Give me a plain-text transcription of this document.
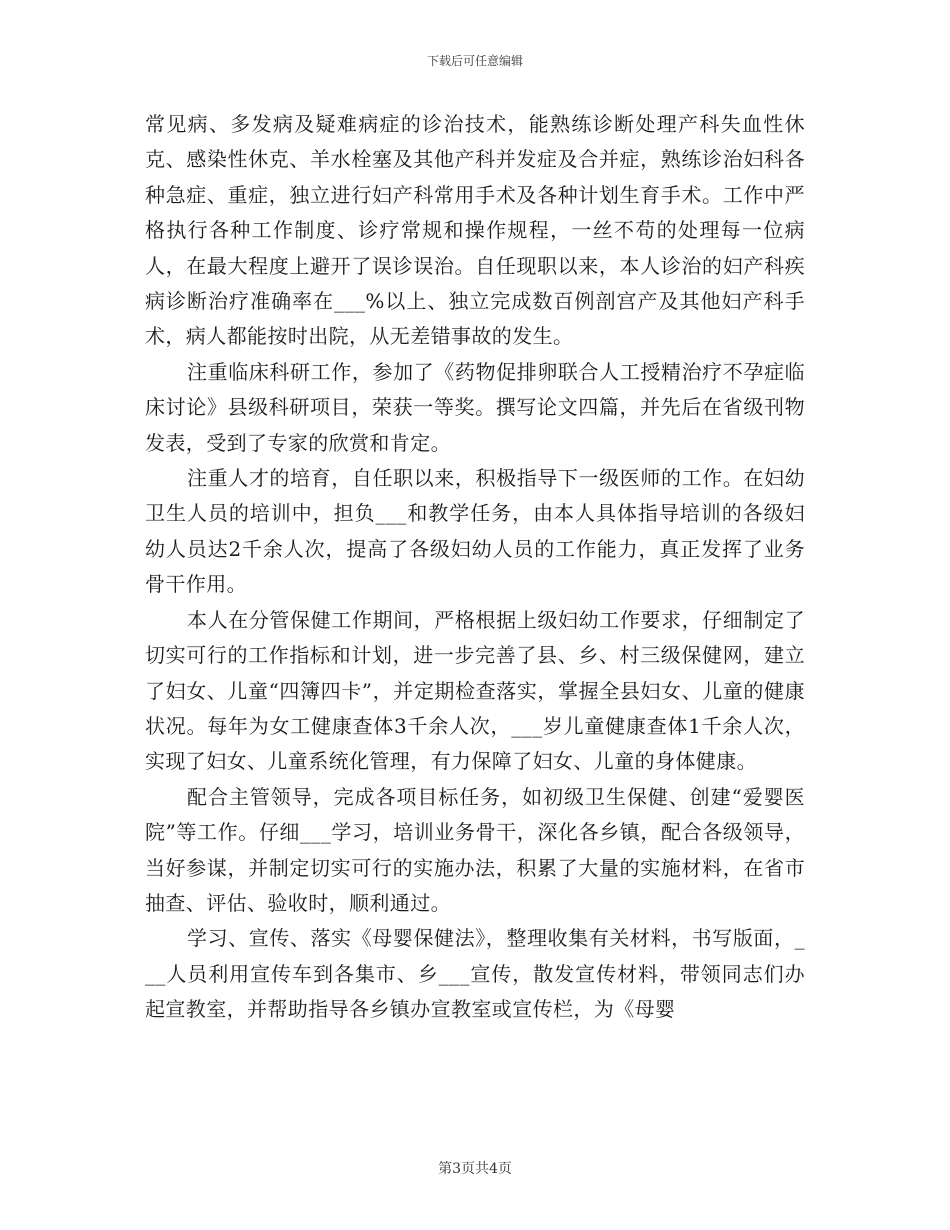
下载后可任意编辑

常见病、多发病及疑难病症的诊治技术，能熟练诊断处理产科失血性休克、感染性休克、羊水栓塞及其他产科并发症及合并症，熟练诊治妇科各种急症、重症，独立进行妇产科常用手术及各种计划生育手术。工作中严格执行各种工作制度、诊疗常规和操作规程，一丝不苟的处理每一位病人，在最大程度上避开了误诊误治。自任现职以来，本人诊治的妇产科疾病诊断治疗准确率在___%以上、独立完成数百例剖宫产及其他妇产科手术，病人都能按时出院，从无差错事故的发生。

注重临床科研工作，参加了《药物促排卵联合人工授精治疗不孕症临床讨论》县级科研项目，荣获一等奖。撰写论文四篇，并先后在省级刊物发表，受到了专家的欣赏和肯定。

注重人才的培育，自任职以来，积极指导下一级医师的工作。在妇幼卫生人员的培训中，担负___和教学任务，由本人具体指导培训的各级妇幼人员达2千余人次，提高了各级妇幼人员的工作能力，真正发挥了业务骨干作用。

本人在分管保健工作期间，严格根据上级妇幼工作要求，仔细制定了切实可行的工作指标和计划，进一步完善了县、乡、村三级保健网，建立了妇女、儿童“四簿四卡”，并定期检查落实，掌握全县妇女、儿童的健康状况。每年为女工健康查体3千余人次，___岁儿童健康查体1千余人次，实现了妇女、儿童系统化管理，有力保障了妇女、儿童的身体健康。

配合主管领导，完成各项目标任务，如初级卫生保健、创建“爱婴医院”等工作。仔细___学习，培训业务骨干，深化各乡镇，配合各级领导，当好参谋，并制定切实可行的实施办法，积累了大量的实施材料，在省市抽查、评估、验收时，顺利通过。

学习、宣传、落实《母婴保健法》，整理收集有关材料，书写版面，___人员利用宣传车到各集市、乡___宣传，散发宣传材料，带领同志们办起宣教室，并帮助指导各乡镇办宣教室或宣传栏，为《母婴

第3页共4页
